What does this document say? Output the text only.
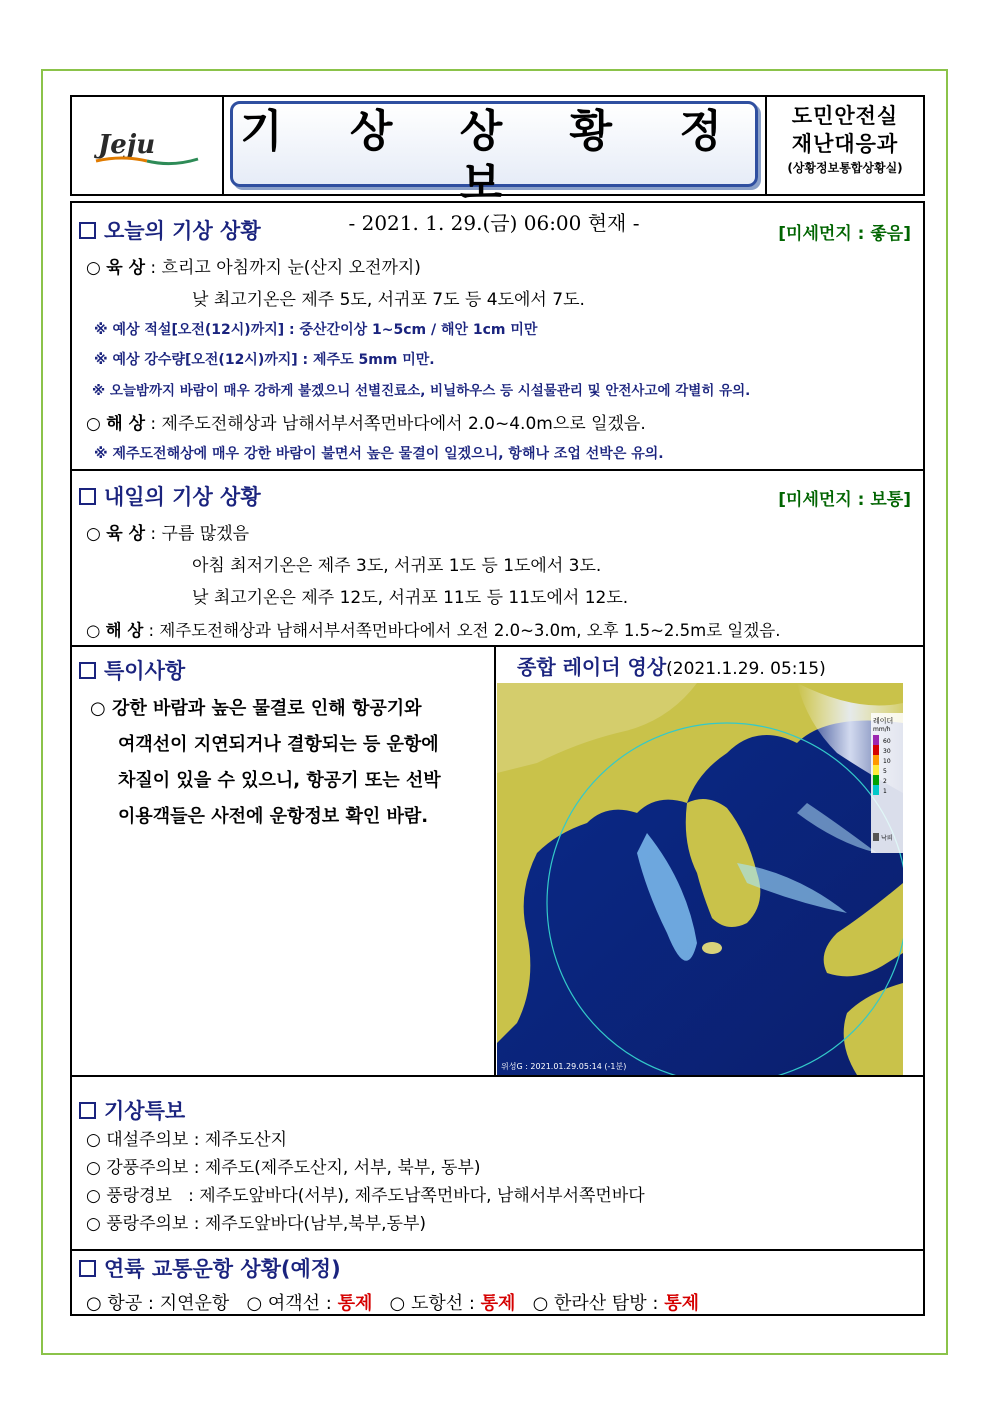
Jeju 기 상 상 황 정 보
- 2021. 1. 29.(금) 06:00 현재 -
도민안전실
재난대응과
(상황정보통합상황실)
오늘의 기상 상황	[미세먼지 : 좋음]
○ 육 상 : 흐리고 아침까지 눈(산지 오전까지)
낮 최고기온은 제주 5도, 서귀포 7도 등 4도에서 7도.
※ 예상 적설[오전(12시)까지] : 중산간이상 1~5cm / 해안 1cm 미만
※ 예상 강수량[오전(12시)까지] : 제주도 5mm 미만.
※ 오늘밤까지 바람이 매우 강하게 불겠으니 선별진료소, 비닐하우스 등 시설물관리 및 안전사고에 각별히 유의.
○ 해 상 : 제주도전해상과 남해서부서쪽먼바다에서 2.0~4.0m으로 일겠음.
※ 제주도전해상에 매우 강한 바람이 불면서 높은 물결이 일겠으니, 항해나 조업 선박은 유의.
내일의 기상 상황	[미세먼지 : 보통]
○ 육 상 : 구름 많겠음
아침 최저기온은 제주 3도, 서귀포 1도 등 1도에서 3도.
낮 최고기온은 제주 12도, 서귀포 11도 등 11도에서 12도.
○ 해 상 : 제주도전해상과 남해서부서쪽먼바다에서 오전 2.0~3.0m, 오후 1.5~2.5m로 일겠음.
특이사항
○ 강한 바람과 높은 물결로 인해 항공기와
여객선이 지연되거나 결항되는 등 운항에
차질이 있을 수 있으니, 항공기 또는 선박
이용객들은 사전에 운항정보 확인 바람.
종합 레이더 영상(2021.1.29. 05:15)
레이더
mm/h
60
30
10
5
2
1
낙뢰
위성G : 2021.01.29.05:14 (-1분)
기상특보
○ 대설주의보 : 제주도산지
○ 강풍주의보 : 제주도(제주도산지, 서부, 북부, 동부)
○ 풍랑경보   : 제주도앞바다(서부), 제주도남쪽먼바다, 남해서부서쪽먼바다
○ 풍랑주의보 : 제주도앞바다(남부,북부,동부)
연륙 교통운항 상황(예정)
○ 항공 : 지연운항 ○ 여객선 : 통제 ○ 도항선 : 통제 ○ 한라산 탐방 : 통제
